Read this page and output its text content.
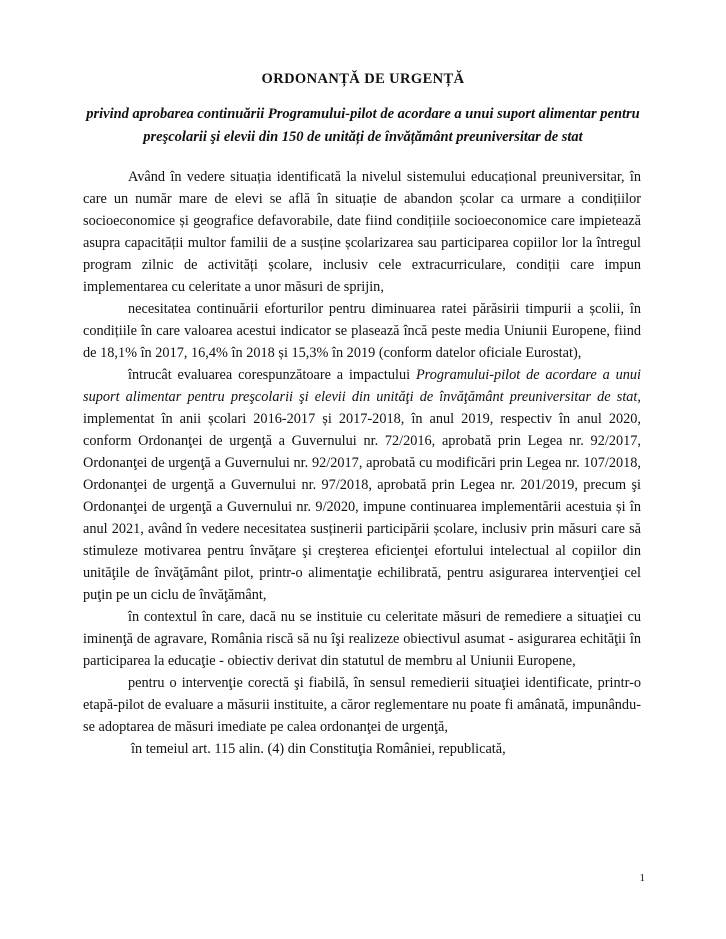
ORDONANȚĂ DE URGENȚĂ
privind aprobarea continuării Programului-pilot de acordare a unui suport alimentar pentru preşcolarii şi elevii din 150 de unități de învățământ preuniversitar de stat

Având în vedere situația identificată la nivelul sistemului educațional preuniversitar, în care un număr mare de elevi se află în situație de abandon școlar ca urmare a condițiilor socioeconomice și geografice defavorabile, date fiind condițiile socioeconomice care impietează asupra capacității multor familii de a susține școlarizarea sau participarea copiilor lor la întregul program zilnic de activități școlare, inclusiv cele extracurriculare, condiții care impun implementarea cu celeritate a unor măsuri de sprijin,

necesitatea continuării eforturilor pentru diminuarea ratei părăsirii timpurii a școlii, în condițiile în care valoarea acestui indicator se plasează încă peste media Uniunii Europene, fiind de 18,1% în 2017, 16,4% în 2018 și 15,3% în 2019 (conform datelor oficiale Eurostat),

întrucât evaluarea corespunzătoare a impactului Programului-pilot de acordare a unui suport alimentar pentru preşcolarii şi elevii din unităţi de învăţământ preuniversitar de stat, implementat în anii școlari 2016-2017 și 2017-2018, în anul 2019, respectiv în anul 2020, conform Ordonanţei de urgenţă a Guvernului nr. 72/2016, aprobată prin Legea nr. 92/2017, Ordonanţei de urgenţă a Guvernului nr. 92/2017, aprobată cu modificări prin Legea nr. 107/2018, Ordonanţei de urgenţă a Guvernului nr. 97/2018, aprobată prin Legea nr. 201/2019, precum şi Ordonanţei de urgenţă a Guvernului nr. 9/2020, impune continuarea implementării acestuia și în anul 2021, având în vedere necesitatea susținerii participării școlare, inclusiv prin măsuri care să stimuleze motivarea pentru învăţare şi creşterea eficienţei efortului intelectual al copiilor din unităţile de învăţământ pilot, printr-o alimentaţie echilibrată, pentru asigurarea intervenţiei cel puţin pe un ciclu de învăţământ,

în contextul în care, dacă nu se instituie cu celeritate măsuri de remediere a situaţiei cu iminenţă de agravare, România riscă să nu îşi realizeze obiectivul asumat - asigurarea echităţii în participarea la educaţie - obiectiv derivat din statutul de membru al Uniunii Europene,

pentru o intervenţie corectă şi fiabilă, în sensul remedierii situaţiei identificate, printr-o etapă-pilot de evaluare a măsurii instituite, a căror reglementare nu poate fi amânată, impunându-se adoptarea de măsuri imediate pe calea ordonanţei de urgenţă,

în temeiul art. 115 alin. (4) din Constituţia României, republicată,

1
